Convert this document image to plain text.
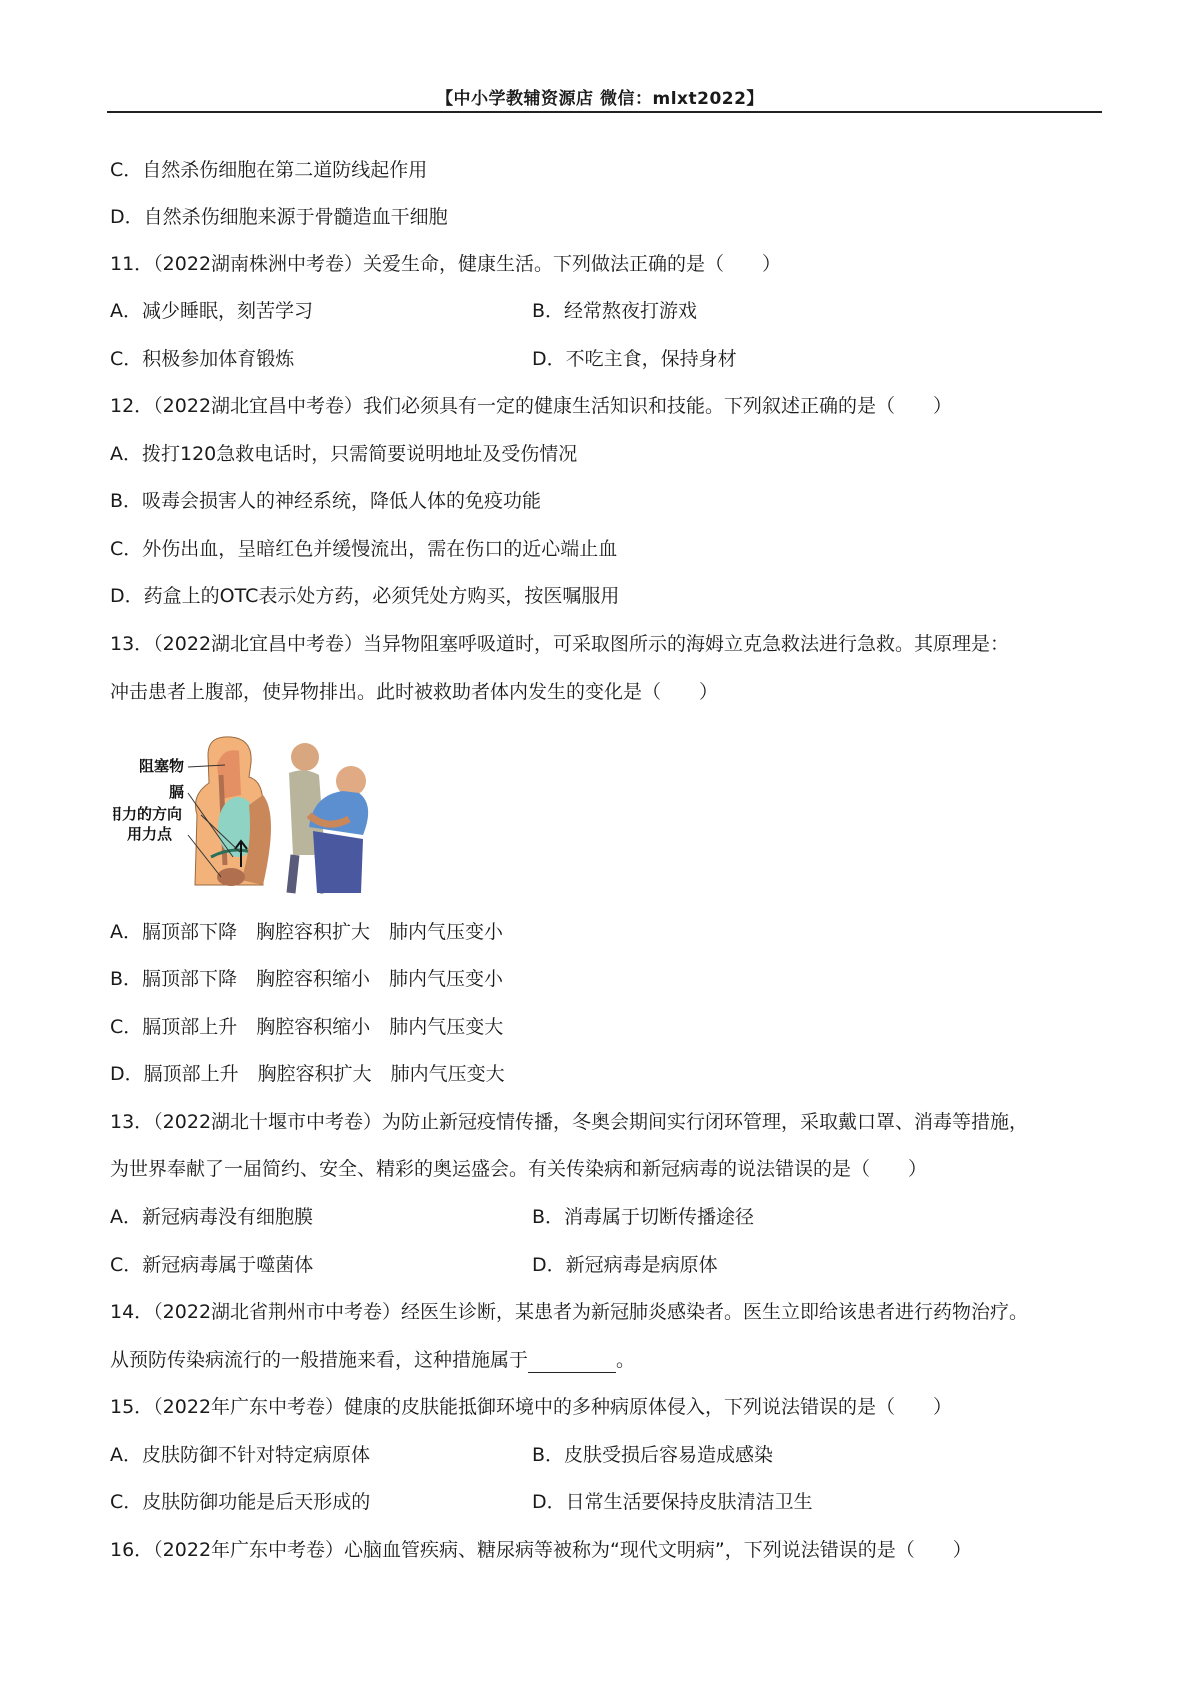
【中小学教辅资源店 微信：mlxt2022】
C．自然杀伤细胞在第二道防线起作用
D．自然杀伤细胞来源于骨髓造血干细胞
11．（2022湖南株洲中考卷）关爱生命，健康生活。下列做法正确的是（　　）
A．减少睡眠，刻苦学习	B．经常熬夜打游戏
C．积极参加体育锻炼	D．不吃主食，保持身材
12．（2022湖北宜昌中考卷）我们必须具有一定的健康生活知识和技能。下列叙述正确的是（　　）
A．拨打120急救电话时，只需简要说明地址及受伤情况
B．吸毒会损害人的神经系统，降低人体的免疫功能
C．外伤出血，呈暗红色并缓慢流出，需在伤口的近心端止血
D．药盒上的OTC表示处方药，必须凭处方购买，按医嘱服用
13．（2022湖北宜昌中考卷）当异物阻塞呼吸道时，可采取图所示的海姆立克急救法进行急救。其原理是：
冲击患者上腹部，使异物排出。此时被救助者体内发生的变化是（　　）
阻塞物
膈
用力的方向
用力点
A．膈顶部下降　胸腔容积扩大　肺内气压变小
B．膈顶部下降　胸腔容积缩小　肺内气压变小
C．膈顶部上升　胸腔容积缩小　肺内气压变大
D．膈顶部上升　胸腔容积扩大　肺内气压变大
13．（2022湖北十堰市中考卷）为防止新冠疫情传播，冬奥会期间实行闭环管理，采取戴口罩、消毒等措施，
为世界奉献了一届简约、安全、精彩的奥运盛会。有关传染病和新冠病毒的说法错误的是（　　）
A．新冠病毒没有细胞膜	B．消毒属于切断传播途径
C．新冠病毒属于噬菌体	D．新冠病毒是病原体
14．（2022湖北省荆州市中考卷）经医生诊断，某患者为新冠肺炎感染者。医生立即给该患者进行药物治疗。
从预防传染病流行的一般措施来看，这种措施属于	。
15．（2022年广东中考卷）健康的皮肤能抵御环境中的多种病原体侵入，下列说法错误的是（　　）
A．皮肤防御不针对特定病原体	B．皮肤受损后容易造成感染
C．皮肤防御功能是后天形成的	D．日常生活要保持皮肤清洁卫生
16．（2022年广东中考卷）心脑血管疾病、糖尿病等被称为“现代文明病”，下列说法错误的是（　　）
